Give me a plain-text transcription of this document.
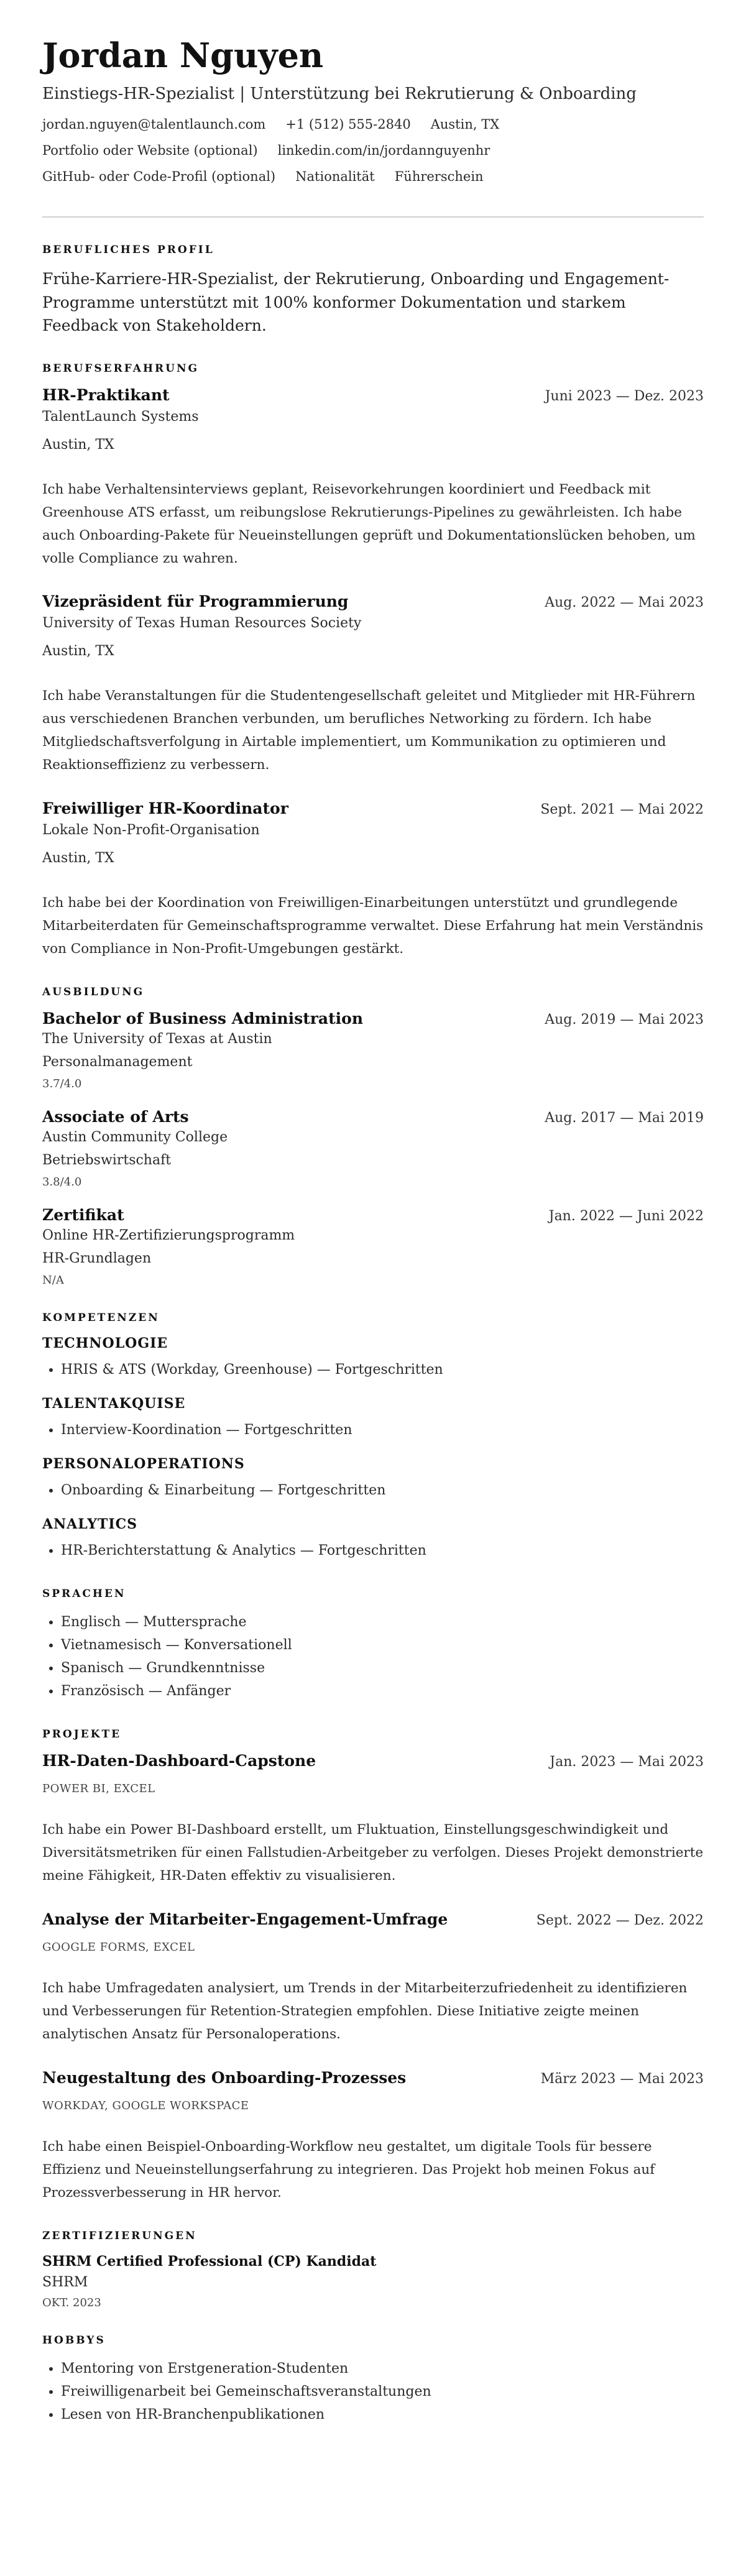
Jordan Nguyen
Einstiegs-HR-Spezialist | Unterstützung bei Rekrutierung & Onboarding
jordan.nguyen@talentlaunch.com +1 (512) 555-2840 Austin, TX
Portfolio oder Website (optional) linkedin.com/in/jordannguyenhr
GitHub- oder Code-Profil (optional) Nationalität Führerschein
BERUFLICHES PROFIL

Frühe-Karriere-HR-Spezialist, der Rekrutierung, Onboarding und Engagement-Programme unterstützt mit 100% konformer Dokumentation und starkem Feedback von Stakeholdern.

BERUFSERFAHRUNG
HR-Praktikant	Juni 2023 — Dez. 2023
TalentLaunch Systems
Austin, TX
Ich habe Verhaltensinterviews geplant, Reisevorkehrungen koordiniert und Feedback mit Greenhouse ATS erfasst, um reibungslose Rekrutierungs-Pipelines zu gewährleisten. Ich habe auch Onboarding-Pakete für Neueinstellungen geprüft und Dokumentationslücken behoben, um volle Compliance zu wahren.
Vizepräsident für Programmierung	Aug. 2022 — Mai 2023
University of Texas Human Resources Society
Austin, TX
Ich habe Veranstaltungen für die Studentengesellschaft geleitet und Mitglieder mit HR-Führern aus verschiedenen Branchen verbunden, um berufliches Networking zu fördern. Ich habe Mitgliedschaftsverfolgung in Airtable implementiert, um Kommunikation zu optimieren und Reaktionseffizienz zu verbessern.
Freiwilliger HR-Koordinator	Sept. 2021 — Mai 2022
Lokale Non-Profit-Organisation
Austin, TX
Ich habe bei der Koordination von Freiwilligen-Einarbeitungen unterstützt und grundlegende Mitarbeiterdaten für Gemeinschaftsprogramme verwaltet. Diese Erfahrung hat mein Verständnis von Compliance in Non-Profit-Umgebungen gestärkt.
AUSBILDUNG
Bachelor of Business Administration	Aug. 2019 — Mai 2023
The University of Texas at Austin
Personalmanagement
3.7/4.0
Associate of Arts	Aug. 2017 — Mai 2019
Austin Community College
Betriebswirtschaft
3.8/4.0
Zertifikat	Jan. 2022 — Juni 2022
Online HR-Zertifizierungsprogramm
HR-Grundlagen
N/A
KOMPETENZEN
TECHNOLOGIE
• HRIS & ATS (Workday, Greenhouse) — Fortgeschritten
TALENTAKQUISE
• Interview-Koordination — Fortgeschritten
PERSONALOPERATIONS
• Onboarding & Einarbeitung — Fortgeschritten
ANALYTICS
• HR-Berichterstattung & Analytics — Fortgeschritten
SPRACHEN
• Englisch — Muttersprache
• Vietnamesisch — Konversationell
• Spanisch — Grundkenntnisse
• Französisch — Anfänger
PROJEKTE
HR-Daten-Dashboard-Capstone	Jan. 2023 — Mai 2023
POWER BI, EXCEL
Ich habe ein Power BI-Dashboard erstellt, um Fluktuation, Einstellungsgeschwindigkeit und Diversitätsmetriken für einen Fallstudien-Arbeitgeber zu verfolgen. Dieses Projekt demonstrierte meine Fähigkeit, HR-Daten effektiv zu visualisieren.
Analyse der Mitarbeiter-Engagement-Umfrage	Sept. 2022 — Dez. 2022
GOOGLE FORMS, EXCEL
Ich habe Umfragedaten analysiert, um Trends in der Mitarbeiterzufriedenheit zu identifizieren und Verbesserungen für Retention-Strategien empfohlen. Diese Initiative zeigte meinen analytischen Ansatz für Personaloperations.
Neugestaltung des Onboarding-Prozesses	März 2023 — Mai 2023
WORKDAY, GOOGLE WORKSPACE
Ich habe einen Beispiel-Onboarding-Workflow neu gestaltet, um digitale Tools für bessere Effizienz und Neueinstellungserfahrung zu integrieren. Das Projekt hob meinen Fokus auf Prozessverbesserung in HR hervor.
ZERTIFIZIERUNGEN
SHRM Certified Professional (CP) Kandidat
SHRM
OKT. 2023
HOBBYS
• Mentoring von Erstgeneration-Studenten
• Freiwilligenarbeit bei Gemeinschaftsveranstaltungen
• Lesen von HR-Branchenpublikationen
